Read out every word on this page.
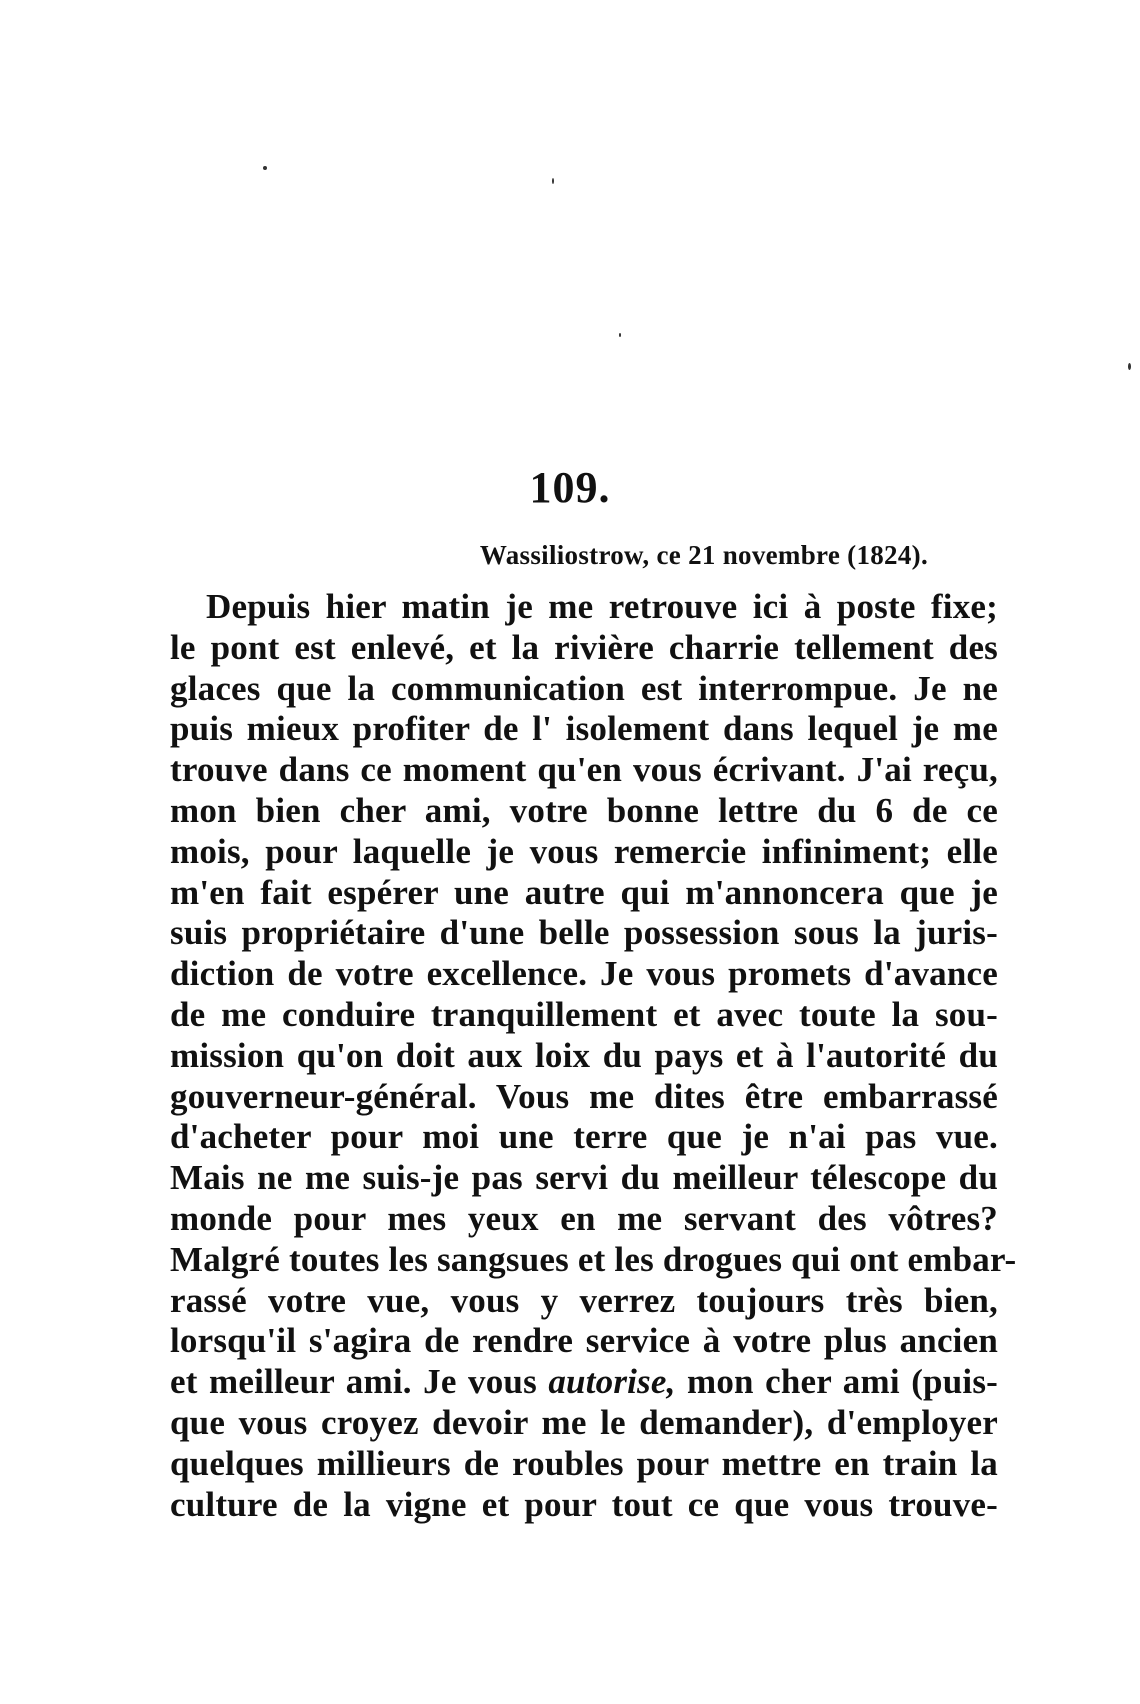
109.
Wassiliostrow, ce 21 novembre (1824).
Depuis hier matin je me retrouve ici à poste fixe;
le pont est enlevé, et la rivière charrie tellement des
glaces que la communication est interrompue. Je ne
puis mieux profiter de l' isolement dans lequel je me
trouve dans ce moment qu'en vous écrivant. J'ai reçu,
mon bien cher ami, votre bonne lettre du 6 de ce
mois, pour laquelle je vous remercie infiniment; elle
m'en fait espérer une autre qui m'annoncera que je
suis propriétaire d'une belle possession sous la juris-
diction de votre excellence. Je vous promets d'avance
de me conduire tranquillement et avec toute la sou-
mission qu'on doit aux loix du pays et à l'autorité du
gouverneur-général. Vous me dites être embarrassé
d'acheter pour moi une terre que je n'ai pas vue.
Mais ne me suis-je pas servi du meilleur télescope du
monde pour mes yeux en me servant des vôtres?
Malgré toutes les sangsues et les drogues qui ont embar-
rassé votre vue, vous y verrez toujours très bien,
lorsqu'il s'agira de rendre service à votre plus ancien
et meilleur ami. Je vous autorise, mon cher ami (puis-
que vous croyez devoir me le demander), d'employer
quelques millieurs de roubles pour mettre en train la
culture de la vigne et pour tout ce que vous trouve-
